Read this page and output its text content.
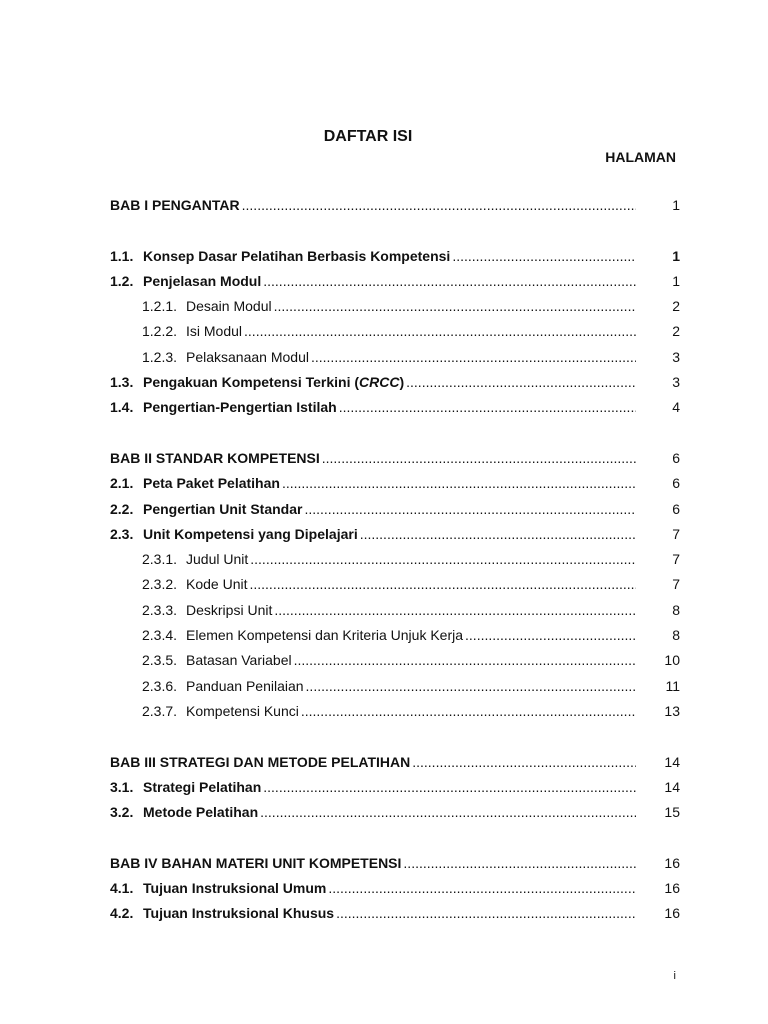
DAFTAR ISI
HALAMAN
BAB I PENGANTAR .....	1
1.1. Konsep Dasar Pelatihan Berbasis Kompetensi .....	1
1.2. Penjelasan Modul .....	1
1.2.1. Desain Modul .....	2
1.2.2. Isi Modul .....	2
1.2.3. Pelaksanaan Modul .....	3
1.3. Pengakuan Kompetensi Terkini (CRCC) .....	3
1.4. Pengertian-Pengertian Istilah .....	4
BAB II STANDAR KOMPETENSI .....	6
2.1. Peta Paket Pelatihan .....	6
2.2. Pengertian Unit Standar .....	6
2.3. Unit Kompetensi yang Dipelajari .....	7
2.3.1. Judul Unit .....	7
2.3.2. Kode Unit .....	7
2.3.3. Deskripsi Unit .....	8
2.3.4. Elemen Kompetensi dan Kriteria Unjuk Kerja .....	8
2.3.5. Batasan Variabel .....	10
2.3.6. Panduan Penilaian .....	11
2.3.7. Kompetensi Kunci .....	13
BAB III STRATEGI DAN METODE PELATIHAN .....	14
3.1. Strategi Pelatihan .....	14
3.2. Metode Pelatihan .....	15
BAB IV BAHAN MATERI UNIT KOMPETENSI .....	16
4.1. Tujuan Instruksional Umum .....	16
4.2. Tujuan Instruksional Khusus .....	16
i
